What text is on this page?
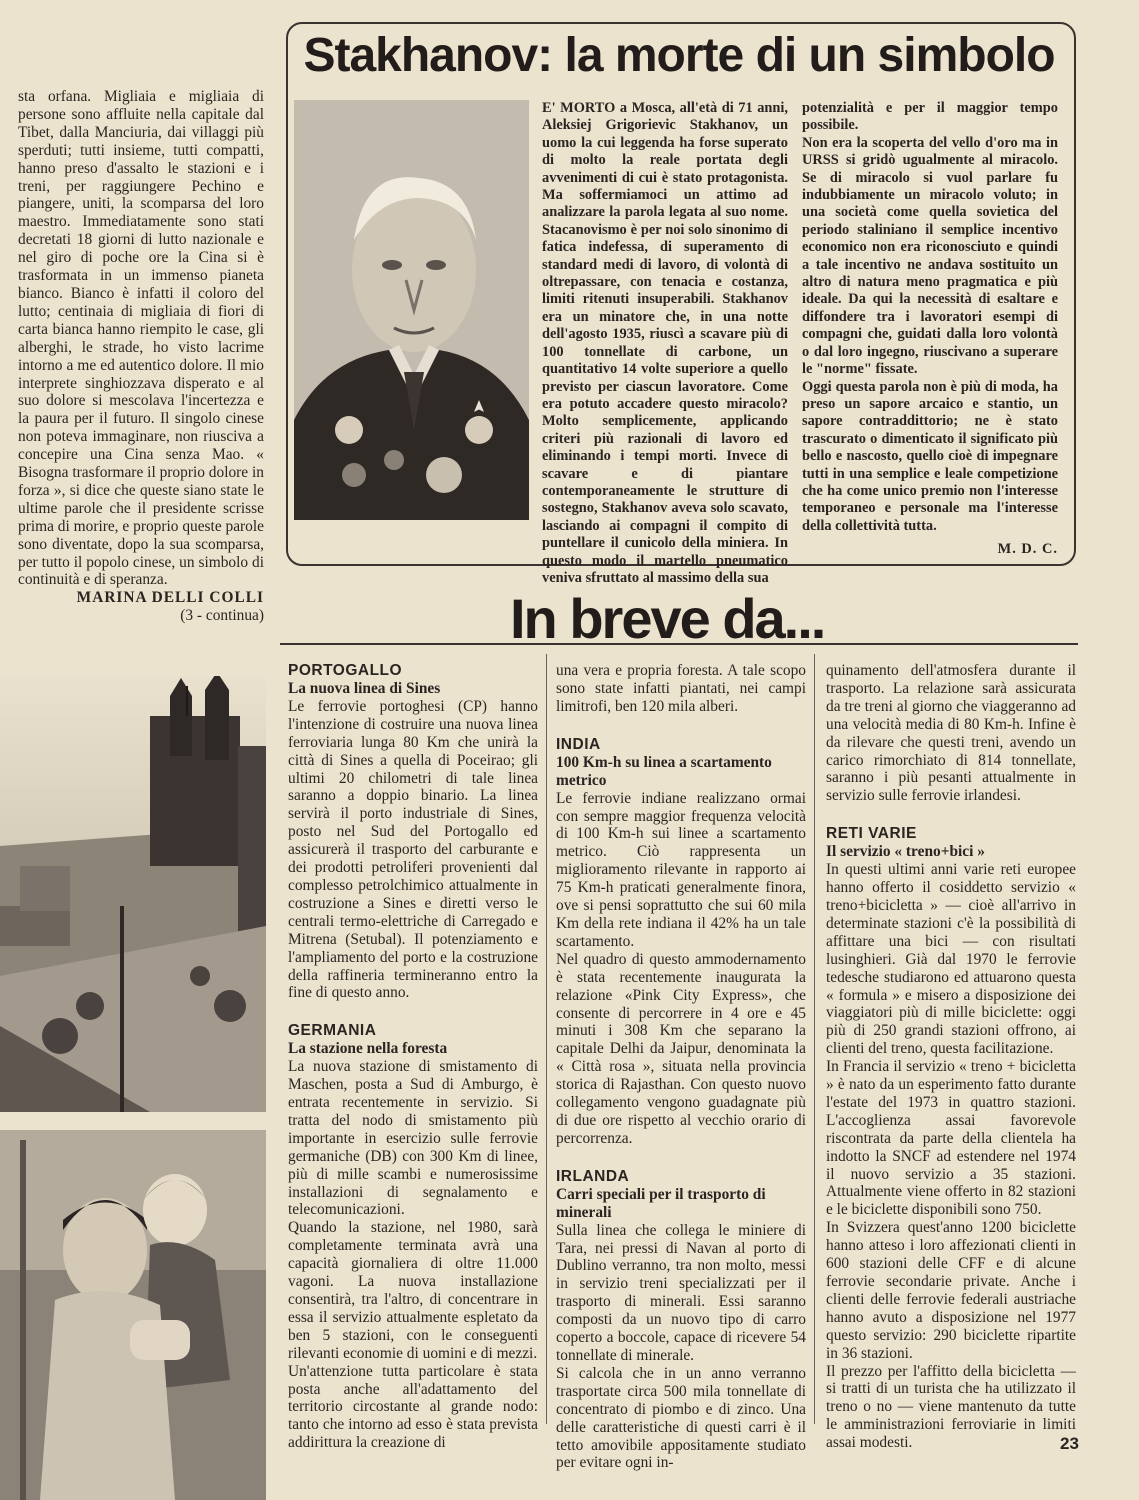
sta orfana. Migliaia e migliaia di persone sono affluite nella capitale dal Tibet, dalla Manciuria, dai villaggi più sperduti; tutti insieme, tutti compatti, hanno preso d'assalto le stazioni e i treni, per raggiungere Pechino e piangere, uniti, la scomparsa del loro maestro. Immediatamente sono stati decretati 18 giorni di lutto nazionale e nel giro di poche ore la Cina si è trasformata in un immenso pianeta bianco. Bianco è infatti il coloro del lutto; centinaia di migliaia di fiori di carta bianca hanno riempito le case, gli alberghi, le strade, ho visto lacrime intorno a me ed autentico dolore. Il mio interprete singhiozzava disperato e al suo dolore si mescolava l'incertezza e la paura per il futuro. Il singolo cinese non poteva immaginare, non riusciva a concepire una Cina senza Mao. « Bisogna trasformare il proprio dolore in forza », si dice che queste siano state le ultime parole che il presidente scrisse prima di morire, e proprio queste parole sono diventate, dopo la sua scomparsa, per tutto il popolo cinese, un simbolo di continuità e di speranza.

MARINA DELLI COLLI

(3 - continua)

Stakhanov: la morte di un simbolo

E' MORTO a Mosca, all'età di 71 anni, Aleksiej Grigorievic Stakhanov, un uomo la cui leggenda ha forse superato di molto la reale portata degli avvenimenti di cui è stato protagonista. Ma soffermiamoci un attimo ad analizzare la parola legata al suo nome. Stacanovismo è per noi solo sinonimo di fatica indefessa, di superamento di standard medi di lavoro, di volontà di oltrepassare, con tenacia e costanza, limiti ritenuti insuperabili. Stakhanov era un minatore che, in una notte dell'agosto 1935, riuscì a scavare più di 100 tonnellate di carbone, un quantitativo 14 volte superiore a quello previsto per ciascun lavoratore. Come era potuto accadere questo miracolo? Molto semplicemente, applicando criteri più razionali di lavoro ed eliminando i tempi morti. Invece di scavare e di piantare contemporaneamente le strutture di sostegno, Stakhanov aveva solo scavato, lasciando ai compagni il compito di puntellare il cunicolo della miniera. In questo modo il martello pneumatico veniva sfruttato al massimo della sua

potenzialità e per il maggior tempo possibile.

Non era la scoperta del vello d'oro ma in URSS si gridò ugualmente al miracolo. Se di miracolo si vuol parlare fu indubbiamente un miracolo voluto; in una società come quella sovietica del periodo staliniano il semplice incentivo economico non era riconosciuto e quindi a tale incentivo ne andava sostituito un altro di natura meno pragmatica e più ideale. Da qui la necessità di esaltare e diffondere tra i lavoratori esempi di compagni che, guidati dalla loro volontà o dal loro ingegno, riuscivano a superare le "norme" fissate.

Oggi questa parola non è più di moda, ha preso un sapore arcaico e stantio, un sapore contraddittorio; ne è stato trascurato o dimenticato il significato più bello e nascosto, quello cioè di impegnare tutti in una semplice e leale competizione che ha come unico premio non l'interesse temporaneo e personale ma l'interesse della collettività tutta.

M. D. C.

In breve da...

PORTOGALLO

La nuova linea di Sines

Le ferrovie portoghesi (CP) hanno l'intenzione di costruire una nuova linea ferroviaria lunga 80 Km che unirà la città di Sines a quella di Poceirao; gli ultimi 20 chilometri di tale linea saranno a doppio binario. La linea servirà il porto industriale di Sines, posto nel Sud del Portogallo ed assicurerà il trasporto del carburante e dei prodotti petroliferi provenienti dal complesso petrolchimico attualmente in costruzione a Sines e diretti verso le centrali termo-elettriche di Carregado e Mitrena (Setubal). Il potenziamento e l'ampliamento del porto e la costruzione della raffineria termineranno entro la fine di questo anno.

GERMANIA

La stazione nella foresta

La nuova stazione di smistamento di Maschen, posta a Sud di Amburgo, è entrata recentemente in servizio. Si tratta del nodo di smistamento più importante in esercizio sulle ferrovie germaniche (DB) con 300 Km di linee, più di mille scambi e numerosissime installazioni di segnalamento e telecomunicazioni.

Quando la stazione, nel 1980, sarà completamente terminata avrà una capacità giornaliera di oltre 11.000 vagoni. La nuova installazione consentirà, tra l'altro, di concentrare in essa il servizio attualmente espletato da ben 5 stazioni, con le conseguenti rilevanti economie di uomini e di mezzi.

Un'attenzione tutta particolare è stata posta anche all'adattamento del territorio circostante al grande nodo: tanto che intorno ad esso è stata prevista addirittura la creazione di

una vera e propria foresta. A tale scopo sono state infatti piantati, nei campi limitrofi, ben 120 mila alberi.

INDIA

100 Km-h su linea a scartamento metrico

Le ferrovie indiane realizzano ormai con sempre maggior frequenza velocità di 100 Km-h sui linee a scartamento metrico. Ciò rappresenta un miglioramento rilevante in rapporto ai 75 Km-h praticati generalmente finora, ove si pensi soprattutto che sui 60 mila Km della rete indiana il 42% ha un tale scartamento.

Nel quadro di questo ammodernamento è stata recentemente inaugurata la relazione «Pink City Express», che consente di percorrere in 4 ore e 45 minuti i 308 Km che separano la capitale Delhi da Jaipur, denominata la « Città rosa », situata nella provincia storica di Rajasthan. Con questo nuovo collegamento vengono guadagnate più di due ore rispetto al vecchio orario di percorrenza.

IRLANDA

Carri speciali per il trasporto di minerali

Sulla linea che collega le miniere di Tara, nei pressi di Navan al porto di Dublino verranno, tra non molto, messi in servizio treni specializzati per il trasporto di minerali. Essi saranno composti da un nuovo tipo di carro coperto a boccole, capace di ricevere 54 tonnellate di minerale.

Si calcola che in un anno verranno trasportate circa 500 mila tonnellate di concentrato di piombo e di zinco. Una delle caratteristiche di questi carri è il tetto amovibile appositamente studiato per evitare ogni in-

quinamento dell'atmosfera durante il trasporto. La relazione sarà assicurata da tre treni al giorno che viaggeranno ad una velocità media di 80 Km-h. Infine è da rilevare che questi treni, avendo un carico rimorchiato di 814 tonnellate, saranno i più pesanti attualmente in servizio sulle ferrovie irlandesi.

RETI VARIE

Il servizio « treno+bici »

In questi ultimi anni varie reti europee hanno offerto il cosiddetto servizio « treno+bicicletta » — cioè all'arrivo in determinate stazioni c'è la possibilità di affittare una bici — con risultati lusinghieri. Già dal 1970 le ferrovie tedesche studiarono ed attuarono questa « formula » e misero a disposizione dei viaggiatori più di mille biciclette: oggi più di 250 grandi stazioni offrono, ai clienti del treno, questa facilitazione.

In Francia il servizio « treno + bicicletta » è nato da un esperimento fatto durante l'estate del 1973 in quattro stazioni. L'accoglienza assai favorevole riscontrata da parte della clientela ha indotto la SNCF ad estendere nel 1974 il nuovo servizio a 35 stazioni. Attualmente viene offerto in 82 stazioni e le biciclette disponibili sono 750.

In Svizzera quest'anno 1200 biciclette hanno atteso i loro affezionati clienti in 600 stazioni delle CFF e di alcune ferrovie secondarie private. Anche i clienti delle ferrovie federali austriache hanno avuto a disposizione nel 1977 questo servizio: 290 biciclette ripartite in 36 stazioni.

Il prezzo per l'affitto della bicicletta — si tratti di un turista che ha utilizzato il treno o no — viene mantenuto da tutte le amministrazioni ferroviarie in limiti assai modesti.	23
